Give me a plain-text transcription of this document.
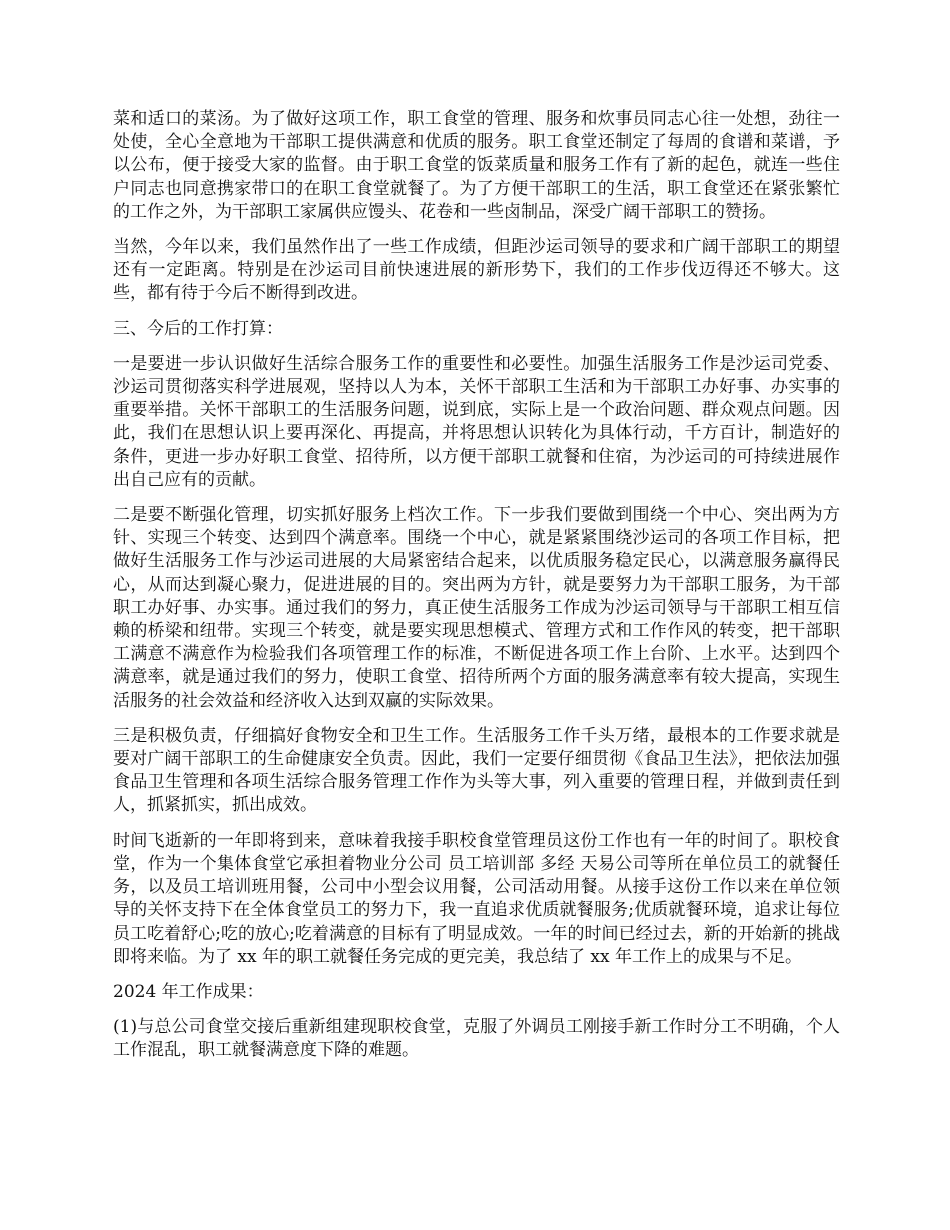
菜和适口的菜汤。为了做好这项工作，职工食堂的管理、服务和炊事员同志心往一处想，劲往一处使，全心全意地为干部职工提供满意和优质的服务。职工食堂还制定了每周的食谱和菜谱，予以公布，便于接受大家的监督。由于职工食堂的饭菜质量和服务工作有了新的起色，就连一些住户同志也同意携家带口的在职工食堂就餐了。为了方便干部职工的生活，职工食堂还在紧张繁忙的工作之外，为干部职工家属供应馒头、花卷和一些卤制品，深受广阔干部职工的赞扬。

当然，今年以来，我们虽然作出了一些工作成绩，但距沙运司领导的要求和广阔干部职工的期望还有一定距离。特别是在沙运司目前快速进展的新形势下，我们的工作步伐迈得还不够大。这些，都有待于今后不断得到改进。

三、今后的工作打算：

一是要进一步认识做好生活综合服务工作的重要性和必要性。加强生活服务工作是沙运司党委、沙运司贯彻落实科学进展观，坚持以人为本，关怀干部职工生活和为干部职工办好事、办实事的重要举措。关怀干部职工的生活服务问题，说到底，实际上是一个政治问题、群众观点问题。因此，我们在思想认识上要再深化、再提高，并将思想认识转化为具体行动，千方百计，制造好的条件，更进一步办好职工食堂、招待所，以方便干部职工就餐和住宿，为沙运司的可持续进展作出自己应有的贡献。

二是要不断强化管理，切实抓好服务上档次工作。下一步我们要做到围绕一个中心、突出两为方针、实现三个转变、达到四个满意率。围绕一个中心，就是紧紧围绕沙运司的各项工作目标，把做好生活服务工作与沙运司进展的大局紧密结合起来，以优质服务稳定民心，以满意服务赢得民心，从而达到凝心聚力，促进进展的目的。突出两为方针，就是要努力为干部职工服务，为干部职工办好事、办实事。通过我们的努力，真正使生活服务工作成为沙运司领导与干部职工相互信赖的桥梁和纽带。实现三个转变，就是要实现思想模式、管理方式和工作作风的转变，把干部职工满意不满意作为检验我们各项管理工作的标准，不断促进各项工作上台阶、上水平。达到四个满意率，就是通过我们的努力，使职工食堂、招待所两个方面的服务满意率有较大提高，实现生活服务的社会效益和经济收入达到双赢的实际效果。

三是积极负责，仔细搞好食物安全和卫生工作。生活服务工作千头万绪，最根本的工作要求就是要对广阔干部职工的生命健康安全负责。因此，我们一定要仔细贯彻《食品卫生法》，把依法加强食品卫生管理和各项生活综合服务管理工作作为头等大事，列入重要的管理日程，并做到责任到人，抓紧抓实，抓出成效。

时间飞逝新的一年即将到来，意味着我接手职校食堂管理员这份工作也有一年的时间了。职校食堂，作为一个集体食堂它承担着物业分公司 员工培训部 多经 天易公司等所在单位员工的就餐任务，以及员工培训班用餐，公司中小型会议用餐，公司活动用餐。从接手这份工作以来在单位领导的关怀支持下在全体食堂员工的努力下，我一直追求优质就餐服务;优质就餐环境，追求让每位员工吃着舒心;吃的放心;吃着满意的目标有了明显成效。一年的时间已经过去，新的开始新的挑战即将来临。为了 xx 年的职工就餐任务完成的更完美，我总结了 xx 年工作上的成果与不足。

2024 年工作成果：

(1)与总公司食堂交接后重新组建现职校食堂，克服了外调员工刚接手新工作时分工不明确，个人工作混乱，职工就餐满意度下降的难题。
